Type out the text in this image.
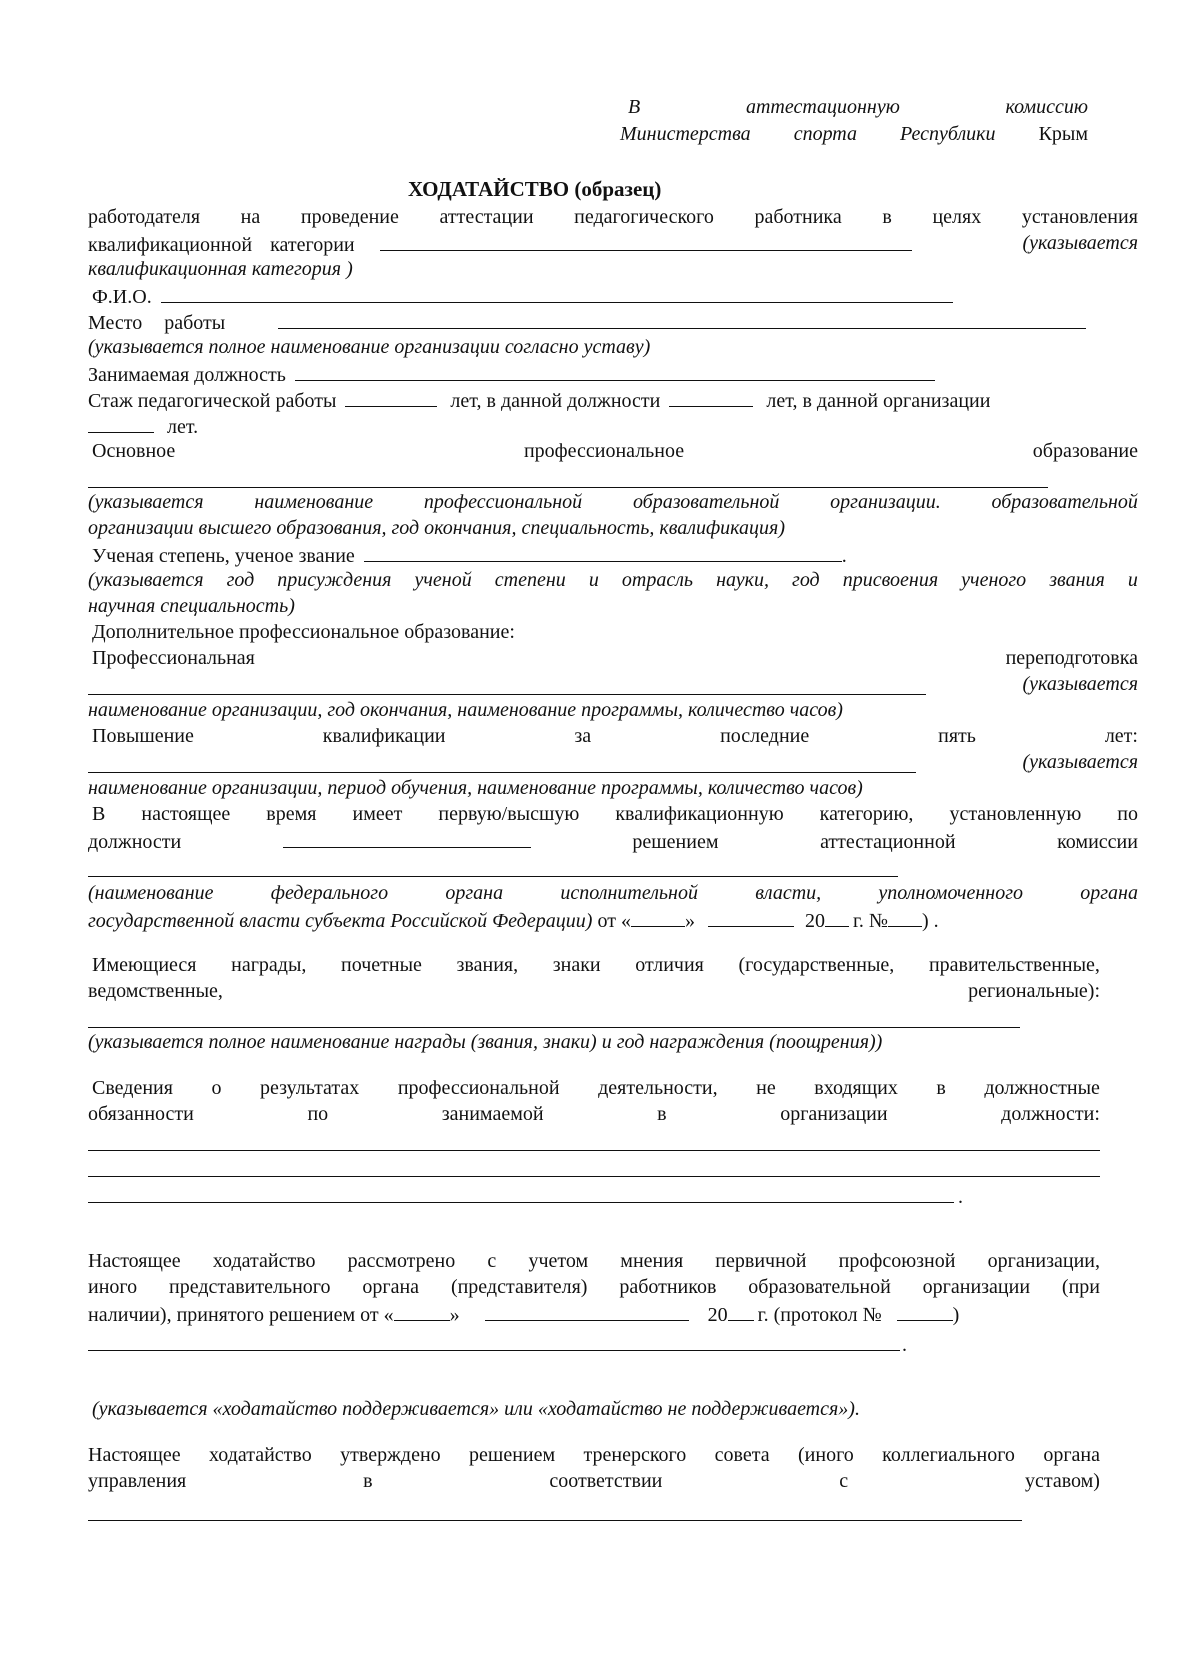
В	аттестационную	комиссию
Министерства спорта Республики Крым
ХОДАТАЙСТВО (образец)
работодателя на проведение аттестации педагогического работника в целях установления
квалификационной категории	(указывается
квалификационная категория )
Ф.И.О.
Место работы
(указывается полное наименование организации согласно уставу)
Занимаемая должность
Стаж педагогической работы	лет, в данной должности	лет, в данной организации
лет.
Основное	профессиональное	образование
(указывается	наименование	профессиональной	образовательной	организации.	образовательной
организации высшего образования, год окончания, специальность, квалификация)
Ученая степень, ученое звание	.
(указывается год присуждения ученой степени и отрасль науки, год присвоения ученого звания и
научная специальность)
Дополнительное профессиональное образование:
Профессиональная	переподготовка
(указывается
наименование организации, год окончания, наименование программы, количество часов)
Повышение	квалификации	за	последние	пять	лет:
(указывается
наименование организации, период обучения, наименование программы, количество часов)
В настоящее время имеет первую/высшую квалификационную категорию, установленную по
должности	решением	аттестационной	комиссии
(наименование	федерального	органа	исполнительной	власти,	уполномоченного	органа
государственной власти субъекта Российской Федерации) от «	»	20 г. № ) .
Имеющиеся награды, почетные звания, знаки отличия (государственные, правительственные,
ведомственные,	региональные):
(указывается полное наименование награды (звания, знаки) и год награждения (поощрения))
Сведения о результатах профессиональной деятельности, не входящих в должностные
обязанности	по	занимаемой	в	организации	должности:
.
Настоящее ходатайство рассмотрено с учетом мнения первичной профсоюзной организации,
иного представительного органа (представителя) работников образовательной организации (при
наличии), принятого решением от «	»	20 г. (протокол №	)
.
(указывается «ходатайство поддерживается» или «ходатайство не поддерживается»).
Настоящее ходатайство утверждено решением тренерского совета (иного коллегиального органа
управления	в	соответствии	с	уставом)
